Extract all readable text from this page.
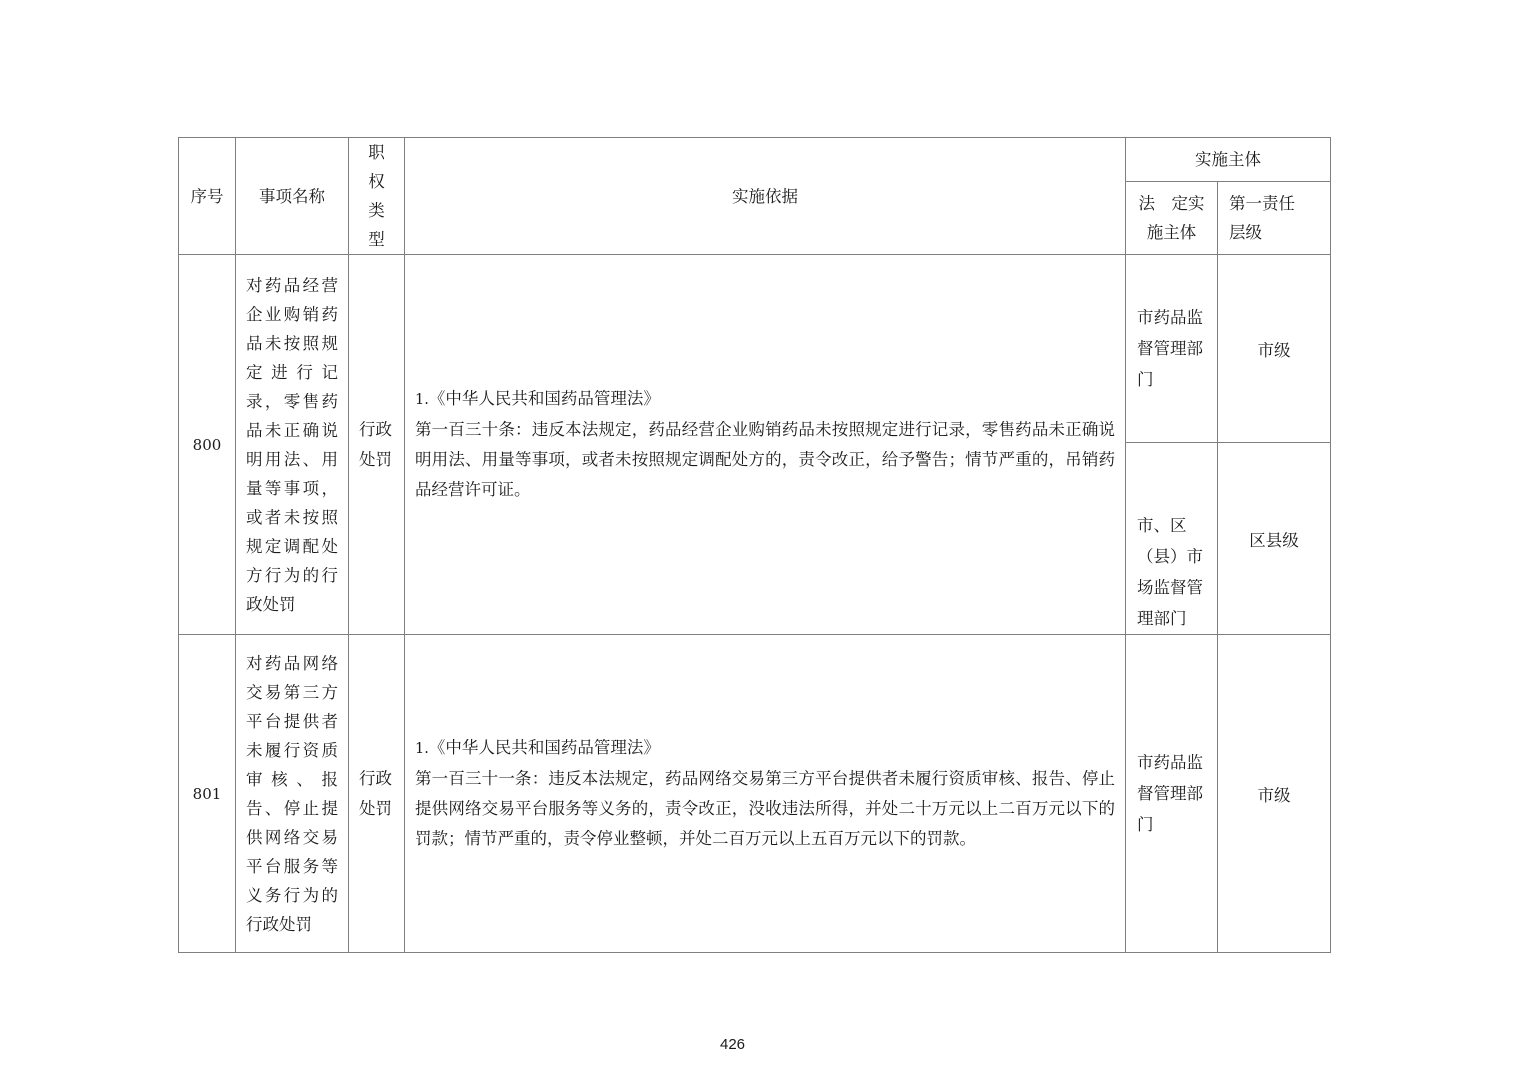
序号	事项名称	职权类型	实施依据	实施主体	
				法　定实施主体	第一责任层级
800	对药品经营企业购销药品未按照规定进行记录，零售药品未正确说明用法、用量等事项，或者未按照规定调配处方行为的行政处罚	行政处罚	1.《中华人民共和国药品管理法》
第一百三十条：违反本法规定，药品经营企业购销药品未按照规定进行记录，零售药品未正确说明用法、用量等事项，或者未按照规定调配处方的，责令改正，给予警告；情节严重的，吊销药品经营许可证。	市药品监督管理部门	市级
				市、区（县）市场监督管理部门	区县级
801	对药品网络交易第三方平台提供者未履行资质审核、报告、停止提供网络交易平台服务等义务行为的行政处罚	行政处罚	1.《中华人民共和国药品管理法》
第一百三十一条：违反本法规定，药品网络交易第三方平台提供者未履行资质审核、报告、停止提供网络交易平台服务等义务的，责令改正，没收违法所得，并处二十万元以上二百万元以下的罚款；情节严重的，责令停业整顿，并处二百万元以上五百万元以下的罚款。	市药品监督管理部门	市级
426
